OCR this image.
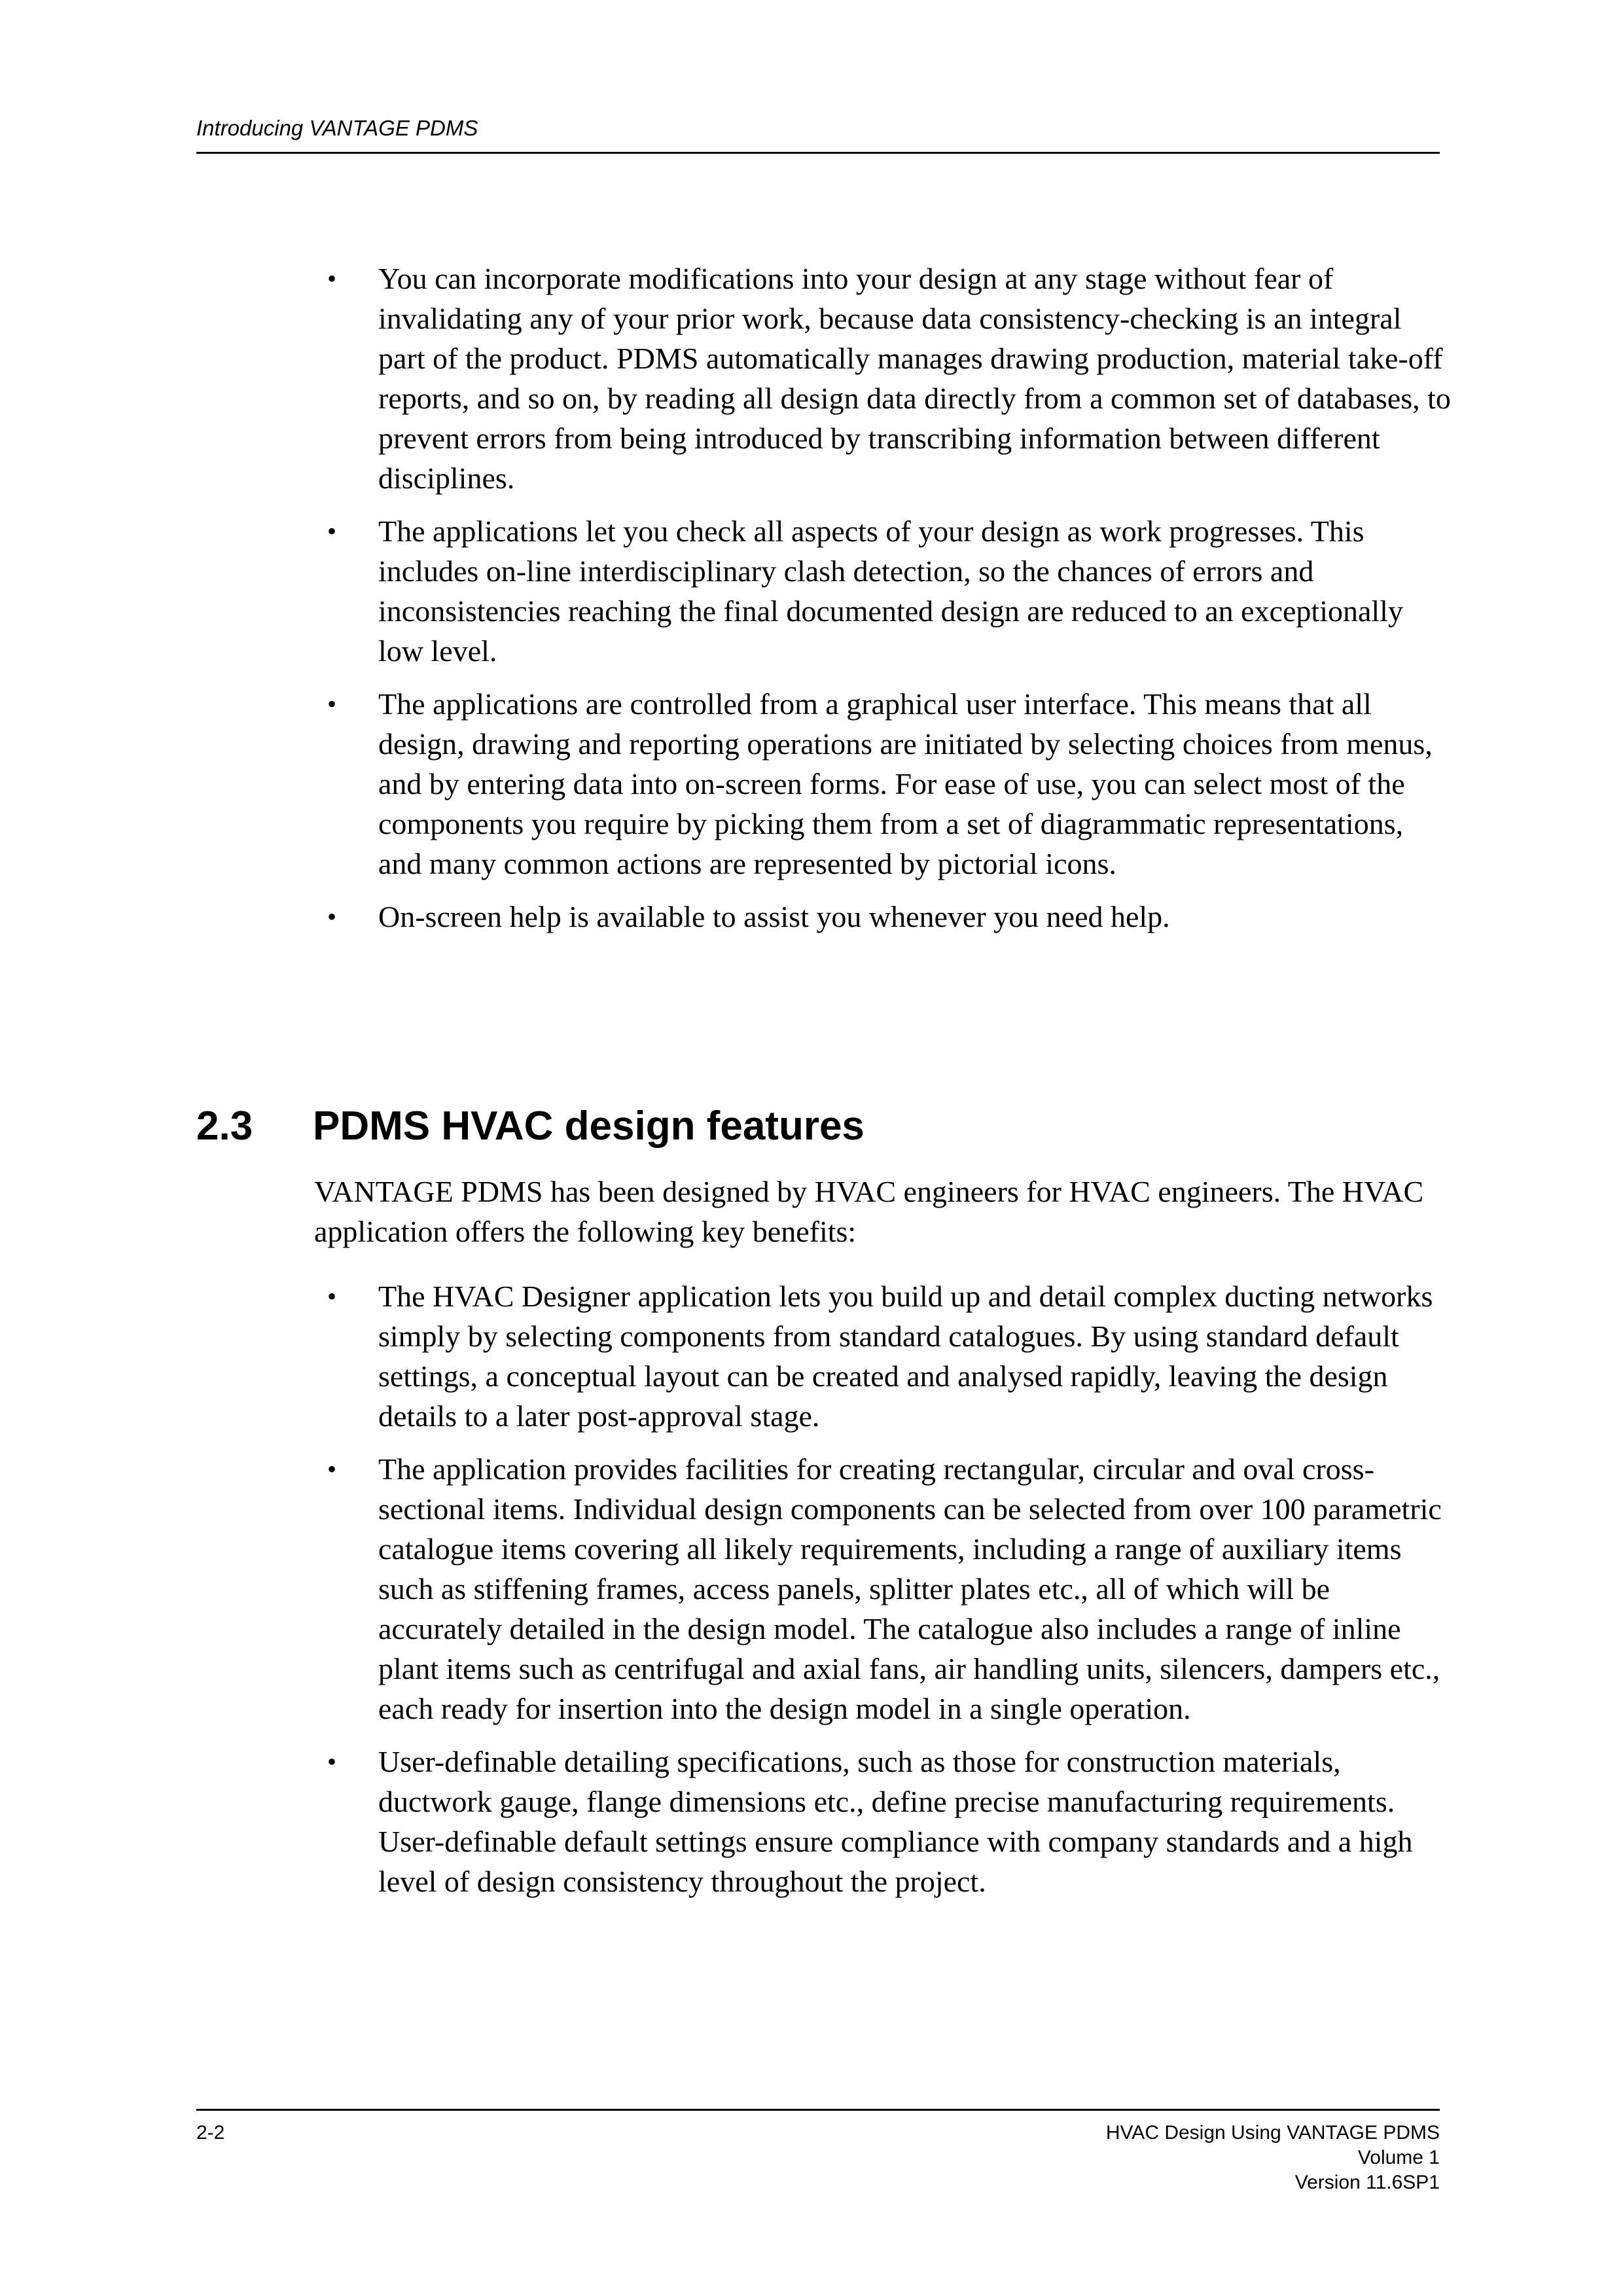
Introducing VANTAGE PDMS
• You can incorporate modifications into your design at any stage without fear of invalidating any of your prior work, because data consistency-checking is an integral part of the product. PDMS automatically manages drawing production, material take-off reports, and so on, by reading all design data directly from a common set of databases, to prevent errors from being introduced by transcribing information between different disciplines.
• The applications let you check all aspects of your design as work progresses. This includes on-line interdisciplinary clash detection, so the chances of errors and inconsistencies reaching the final documented design are reduced to an exceptionally low level.
• The applications are controlled from a graphical user interface. This means that all design, drawing and reporting operations are initiated by selecting choices from menus, and by entering data into on-screen forms. For ease of use, you can select most of the components you require by picking them from a set of diagrammatic representations, and many common actions are represented by pictorial icons.
• On-screen help is available to assist you whenever you need help.
2.3 PDMS HVAC design features

VANTAGE PDMS has been designed by HVAC engineers for HVAC engineers. The HVAC application offers the following key benefits:

• The HVAC Designer application lets you build up and detail complex ducting networks simply by selecting components from standard catalogues. By using standard default settings, a conceptual layout can be created and analysed rapidly, leaving the design details to a later post-approval stage.
• The application provides facilities for creating rectangular, circular and oval cross-sectional items. Individual design components can be selected from over 100 parametric catalogue items covering all likely requirements, including a range of auxiliary items such as stiffening frames, access panels, splitter plates etc., all of which will be accurately detailed in the design model. The catalogue also includes a range of inline plant items such as centrifugal and axial fans, air handling units, silencers, dampers etc., each ready for insertion into the design model in a single operation.
• User-definable detailing specifications, such as those for construction materials, ductwork gauge, flange dimensions etc., define precise manufacturing requirements. User-definable default settings ensure compliance with company standards and a high level of design consistency throughout the project.
2-2	HVAC Design Using VANTAGE PDMS
Volume 1
Version 11.6SP1
